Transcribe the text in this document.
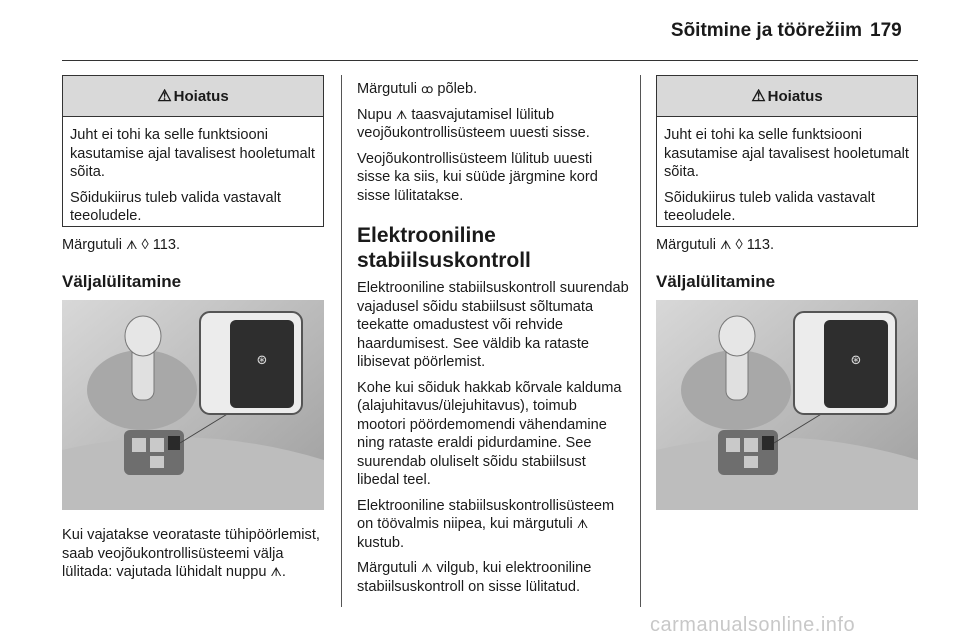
Sõitmine ja töörežiim 179
⚠ Hoiatus

Juht ei tohi ka selle funktsiooni kasutamise ajal tavalisest hooletumalt sõita.

Sõidukiirus tuleb valida vastavalt teeoludele.

Märgutuli ᗑ ◊ 113.
Väljalülitamine
⊛
Kui vajatakse veorataste tühipöörlemist, saab veojõukontrollisüsteemi välja lülitada: vajutada lühidalt nuppu ᗑ.

Märgutuli ꝏ põleb.

Nupu ᗑ taasvajutamisel lülitub veojõukontrollisüsteem uuesti sisse.

Veojõukontrollisüsteem lülitub uuesti sisse ka siis, kui süüde järgmine kord sisse lülitatakse.

Elektrooniline stabiilsuskontroll

Elektrooniline stabiilsuskontroll suurendab vajadusel sõidu stabiilsust sõltumata teekatte omadustest või rehvide haardumisest. See väldib ka rataste libisevat pöörlemist.

Kohe kui sõiduk hakkab kõrvale kalduma (alajuhitavus/ülejuhitavus), toimub mootori pöördemomendi vähendamine ning rataste eraldi pidurdamine. See suurendab oluliselt sõidu stabiilsust libedal teel.

Elektrooniline stabiilsuskontrollisüsteem on töövalmis niipea, kui märgutuli ᗑ kustub.

Märgutuli ᗑ vilgub, kui elektrooniline stabiilsuskontroll on sisse lülitatud.

⚠ Hoiatus

Juht ei tohi ka selle funktsiooni kasutamise ajal tavalisest hooletumalt sõita.

Sõidukiirus tuleb valida vastavalt teeoludele.

Märgutuli ᗑ ◊ 113.
Väljalülitamine
⊛
carmanualsonline.info
